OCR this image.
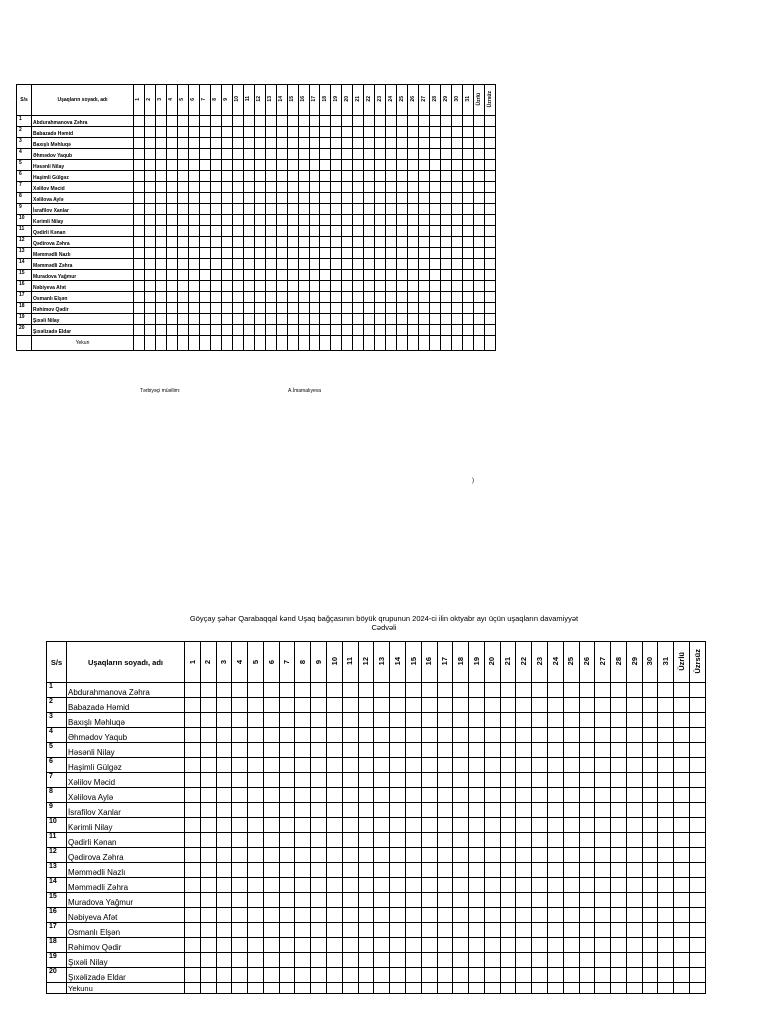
S/s	Uşaqların soyadı, adı	1	2	3	4	5	6	7	8	9	10	11	12	13	14	15	16	17	18	19	20	21	22	23	24	25	26	27	28	29	30	31	Üzrlü	Üzrsüz
1	Abdurahmanova Zəhra																																	
2	Babazadə Həmid																																	
3	Baxışlı Məhluqə																																	
4	Əhmədov Yaqub																																	
5	Həsənli Nilay																																	
6	Haşimli Gülgəz																																	
7	Xəlilov Məcid																																	
8	Xəlilova Aylə																																	
9	İsrafilov Xanlar																																	
10	Kərimli Nilay																																	
11	Qədirli Kənan																																	
12	Qədirova Zəhra																																	
13	Məmmədli Nazlı																																	
14	Məmmədli Zəhra																																	
15	Muradova Yağmur																																	
16	Nəbiyeva Afət																																	
17	Osmanlı Elşən																																	
18	Rəhimov Qədir																																	
19	Şıxəli Nilay																																	
20	Şıxəlizadə Eldar																																	
	Yekun																																	
Tərbiyəçi müəllim:	A.İmamalıyeva
)
Göyçay şəhər Qarabaqqal kənd Uşaq bağçasının böyük qrupunun 2024-ci ilin oktyabr ayı üçün uşaqların davamiyyət
Cədvəli
S/s	Uşaqların soyadı, adı	1	2	3	4	5	6	7	8	9	10	11	12	13	14	15	16	17	18	19	20	21	22	23	24	25	26	27	28	29	30	31	Üzrlü	Üzrsüz
1	Abdurahmanova Zəhra																																	
2	Babazadə Həmid																																	
3	Baxışlı Məhluqə																																	
4	Əhmədov Yaqub																																	
5	Həsənli Nilay																																	
6	Haşimli Gülgəz																																	
7	Xəlilov Məcid																																	
8	Xəlilova Aylə																																	
9	İsrafilov Xanlar																																	
10	Kərimli Nilay																																	
11	Qədirli Kənan																																	
12	Qədirova Zəhra																																	
13	Məmmədli Nazlı																																	
14	Məmmədli Zəhra																																	
15	Muradova Yağmur																																	
16	Nəbiyeva Afət																																	
17	Osmanlı Elşən																																	
18	Rəhimov Qədir																																	
19	Şıxəli Nilay																																	
20	Şıxəlizadə Eldar																																	
	Yekunu																																	
